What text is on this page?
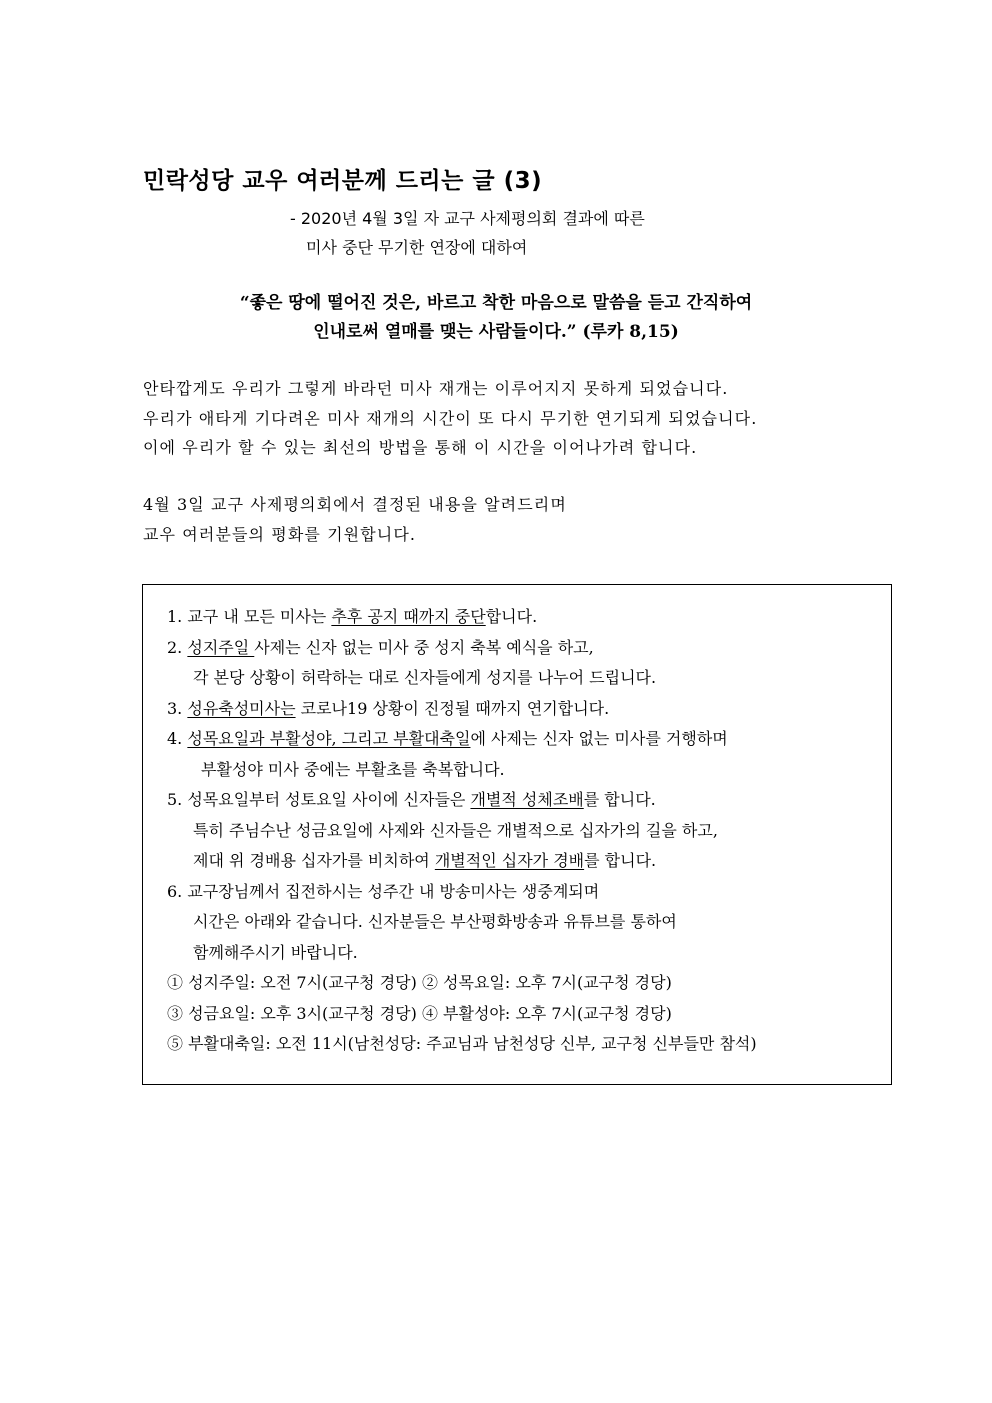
민락성당 교우 여러분께 드리는 글 (3)
- 2020년 4월 3일 자 교구 사제평의회 결과에 따른
미사 중단 무기한 연장에 대하여
“좋은 땅에 떨어진 것은, 바르고 착한 마음으로 말씀을 듣고 간직하여
인내로써 열매를 맺는 사람들이다.” (루카 8,15)
안타깝게도 우리가 그렇게 바라던 미사 재개는 이루어지지 못하게 되었습니다.
우리가 애타게 기다려온 미사 재개의 시간이 또 다시 무기한 연기되게 되었습니다.
이에 우리가 할 수 있는 최선의 방법을 통해 이 시간을 이어나가려 합니다.
4월 3일 교구 사제평의회에서 결정된 내용을 알려드리며
교우 여러분들의 평화를 기원합니다.
1. 교구 내 모든 미사는 추후 공지 때까지 중단합니다.
2. 성지주일 사제는 신자 없는 미사 중 성지 축복 예식을 하고,
각 본당 상황이 허락하는 대로 신자들에게 성지를 나누어 드립니다.
3. 성유축성미사는 코로나19 상황이 진정될 때까지 연기합니다.
4. 성목요일과 부활성야, 그리고 부활대축일에 사제는 신자 없는 미사를 거행하며
부활성야 미사 중에는 부활초를 축복합니다.
5. 성목요일부터 성토요일 사이에 신자들은 개별적 성체조배를 합니다.
특히 주님수난 성금요일에 사제와 신자들은 개별적으로 십자가의 길을 하고,
제대 위 경배용 십자가를 비치하여 개별적인 십자가 경배를 합니다.
6. 교구장님께서 집전하시는 성주간 내 방송미사는 생중계되며
시간은 아래와 같습니다. 신자분들은 부산평화방송과 유튜브를 통하여
함께해주시기 바랍니다.
① 성지주일: 오전 7시(교구청 경당) ② 성목요일: 오후 7시(교구청 경당)
③ 성금요일: 오후 3시(교구청 경당) ④ 부활성야: 오후 7시(교구청 경당)
⑤ 부활대축일: 오전 11시(남천성당: 주교님과 남천성당 신부, 교구청 신부들만 참석)
